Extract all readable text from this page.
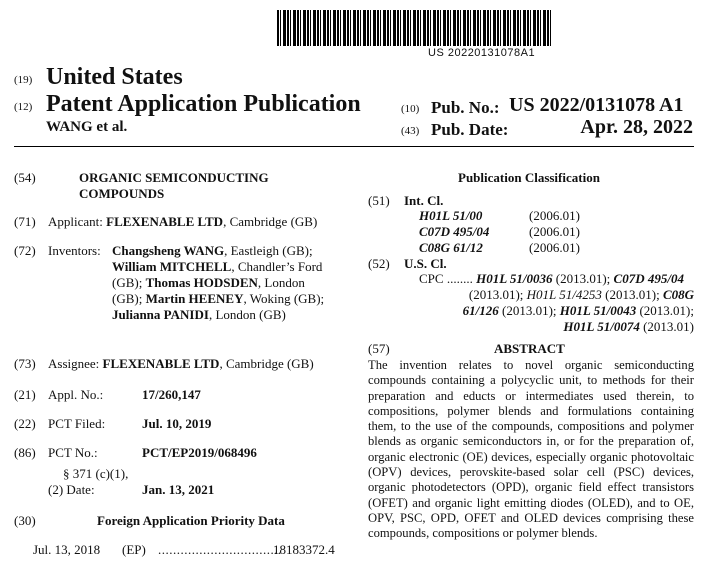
US 20220131078A1
(19) United States
(12) Patent Application Publication
WANG et al.
(10) Pub. No.: US 2022/0131078 A1
(43) Pub. Date:	Apr. 28, 2022
(54)	ORGANIC SEMICONDUCTING
COMPOUNDS
(71) Applicant: FLEXENABLE LTD, Cambridge (GB)
(72) Inventors: Changsheng WANG, Eastleigh (GB);
William MITCHELL, Chandler’s Ford
(GB); Thomas HODSDEN, London
(GB); Martin HEENEY, Woking (GB);
Julianna PANIDI, London (GB)
(73) Assignee: FLEXENABLE LTD, Cambridge (GB)
(21) Appl. No.:	17/260,147
(22) PCT Filed:	Jul. 10, 2019
(86) PCT No.:	PCT/EP2019/068496
§ 371 (c)(1),
(2) Date:	Jan. 13, 2021
(30)	Foreign Application Priority Data
Jul. 13, 2018 (EP) .................................
18183372.4
Publication Classification
(51) Int. Cl.
H01L 51/00	(2006.01)
C07D 495/04	(2006.01)
C08G 61/12	(2006.01)
(52) U.S. Cl.
CPC ........ H01L 51/0036 (2013.01); C07D 495/04
(2013.01); H01L 51/4253 (2013.01); C08G
61/126 (2013.01); H01L 51/0043 (2013.01);
H01L 51/0074 (2013.01)
(57)	ABSTRACT
The invention relates to novel organic semiconducting compounds containing a polycyclic unit, to methods for their preparation and educts or intermediates used therein, to compositions, polymer blends and formulations containing them, to the use of the compounds, compositions and polymer blends as organic semiconductors in, or for the preparation of, organic electronic (OE) devices, especially organic photovoltaic (OPV) devices, perovskite-based solar cell (PSC) devices, organic photodetectors (OPD), organic field effect transistors (OFET) and organic light emitting diodes (OLED), and to OE, OPV, PSC, OPD, OFET and OLED devices comprising these compounds, compositions or polymer blends.
